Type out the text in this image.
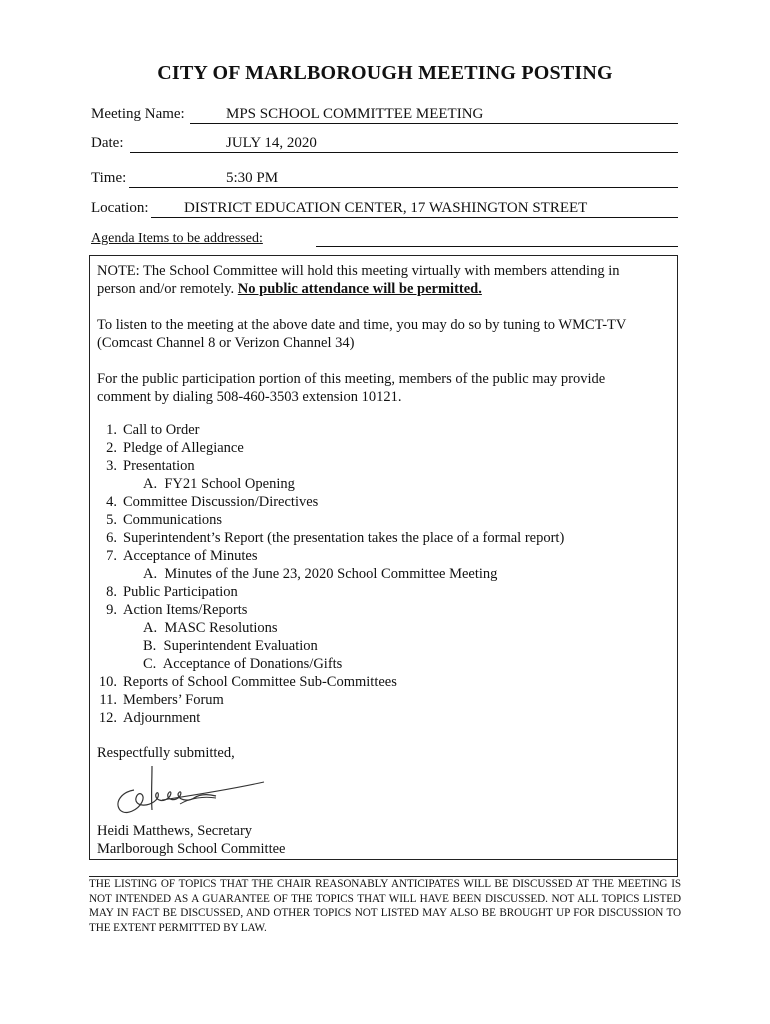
CITY OF MARLBOROUGH MEETING POSTING
Meeting Name:	MPS SCHOOL COMMITTEE MEETING
Date:	JULY 14, 2020
Time:	5:30 PM
Location: DISTRICT EDUCATION CENTER, 17 WASHINGTON STREET
Agenda Items to be addressed:
NOTE: The School Committee will hold this meeting virtually with members attending in person and/or remotely. No public attendance will be permitted.
To listen to the meeting at the above date and time, you may do so by tuning to WMCT-TV (Comcast Channel 8 or Verizon Channel 34)
For the public participation portion of this meeting, members of the public may provide comment by dialing 508-460-3503 extension 10121.
1. Call to Order
2. Pledge of Allegiance
3. Presentation
A. FY21 School Opening
4. Committee Discussion/Directives
5. Communications
6. Superintendent’s Report (the presentation takes the place of a formal report)
7. Acceptance of Minutes
A. Minutes of the June 23, 2020 School Committee Meeting
8. Public Participation
9. Action Items/Reports
A. MASC Resolutions
B. Superintendent Evaluation
C. Acceptance of Donations/Gifts
10. Reports of School Committee Sub-Committees
11. Members’ Forum
12. Adjournment
Respectfully submitted,
Heidi Matthews, Secretary
Marlborough School Committee
THE LISTING OF TOPICS THAT THE CHAIR REASONABLY ANTICIPATES WILL BE DISCUSSED AT THE MEETING IS NOT INTENDED AS A GUARANTEE OF THE TOPICS THAT WILL HAVE BEEN DISCUSSED. NOT ALL TOPICS LISTED MAY IN FACT BE DISCUSSED, AND OTHER TOPICS NOT LISTED MAY ALSO BE BROUGHT UP FOR DISCUSSION TO THE EXTENT PERMITTED BY LAW.
